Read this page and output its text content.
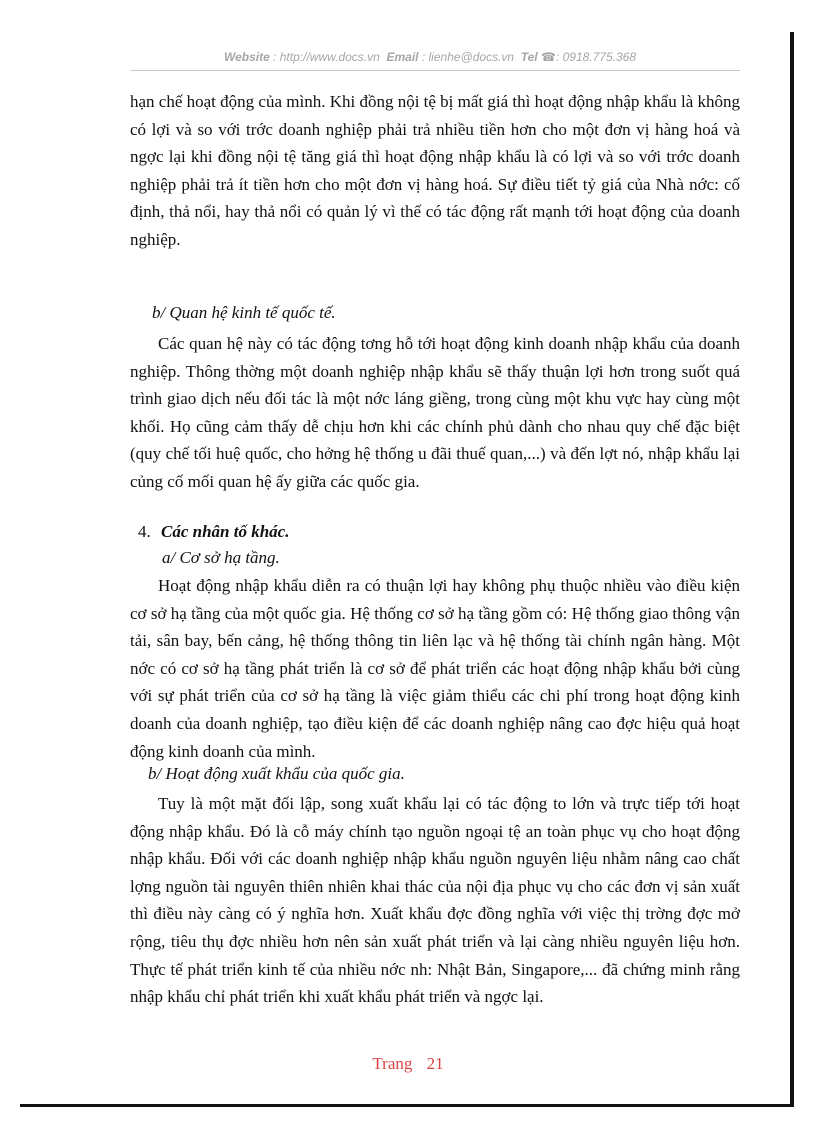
Website : http://www.docs.vn Email : lienhe@docs.vn Tel ☎: 0918.775.368

hạn chế hoạt động của mình. Khi đồng nội tệ bị mất giá thì hoạt động nhập khẩu là không có lợi và so với trớc doanh nghiệp phải trả nhiều tiền hơn cho một đơn vị hàng hoá và ngợc lại khi đồng nội tệ tăng giá thì hoạt động nhập khẩu là có lợi và so với trớc doanh nghiệp phải trả ít tiền hơn cho một đơn vị hàng hoá. Sự điều tiết tỷ giá của Nhà nớc: cố định, thả nổi, hay thả nổi có quản lý vì thế có tác động rất mạnh tới hoạt động của doanh nghiệp.

b/ Quan hệ kinh tế quốc tế.

Các quan hệ này có tác động tơng hỗ tới hoạt động kinh doanh nhập khẩu của doanh nghiệp. Thông thờng một doanh nghiệp nhập khẩu sẽ thấy thuận lợi hơn trong suốt quá trình giao dịch nếu đối tác là một nớc láng giềng, trong cùng một khu vực hay cùng một khối. Họ cũng cảm thấy dễ chịu hơn khi các chính phủ dành cho nhau quy chế đặc biệt (quy chế tối huệ quốc, cho hởng hệ thống u đãi thuế quan,...) và đến lợt nó, nhập khẩu lại củng cố mối quan hệ ấy giữa các quốc gia.

4. Các nhân tố khác.

a/ Cơ sở hạ tầng.

Hoạt động nhập khẩu diễn ra có thuận lợi hay không phụ thuộc nhiều vào điều kiện cơ sở hạ tầng của một quốc gia. Hệ thống cơ sở hạ tầng gồm có: Hệ thống giao thông vận tải, sân bay, bến cảng, hệ thống thông tin liên lạc và hệ thống tài chính ngân hàng. Một nớc có cơ sở hạ tầng phát triển là cơ sở để phát triển các hoạt động nhập khẩu bởi cùng với sự phát triển của cơ sở hạ tầng là việc giảm thiểu các chi phí trong hoạt động kinh doanh của doanh nghiệp, tạo điều kiện để các doanh nghiệp nâng cao đợc hiệu quả hoạt động kinh doanh của mình.

b/ Hoạt động xuất khẩu của quốc gia.

Tuy là một mặt đối lập, song xuất khẩu lại có tác động to lớn và trực tiếp tới hoạt động nhập khẩu. Đó là cỗ máy chính tạo nguồn ngoại tệ an toàn phục vụ cho hoạt động nhập khẩu. Đối với các doanh nghiệp nhập khẩu nguồn nguyên liệu nhằm nâng cao chất lợng nguồn tài nguyên thiên nhiên khai thác của nội địa phục vụ cho các đơn vị sản xuất thì điều này càng có ý nghĩa hơn. Xuất khẩu đợc đồng nghĩa với việc thị trờng đợc mở rộng, tiêu thụ đợc nhiều hơn nên sản xuất phát triển và lại càng nhiều nguyên liệu hơn. Thực tế phát triển kinh tế của nhiều nớc nh: Nhật Bản, Singapore,... đã chứng minh rằng nhập khẩu chỉ phát triển khi xuất khẩu phát triển và ngợc lại.

Trang 21
